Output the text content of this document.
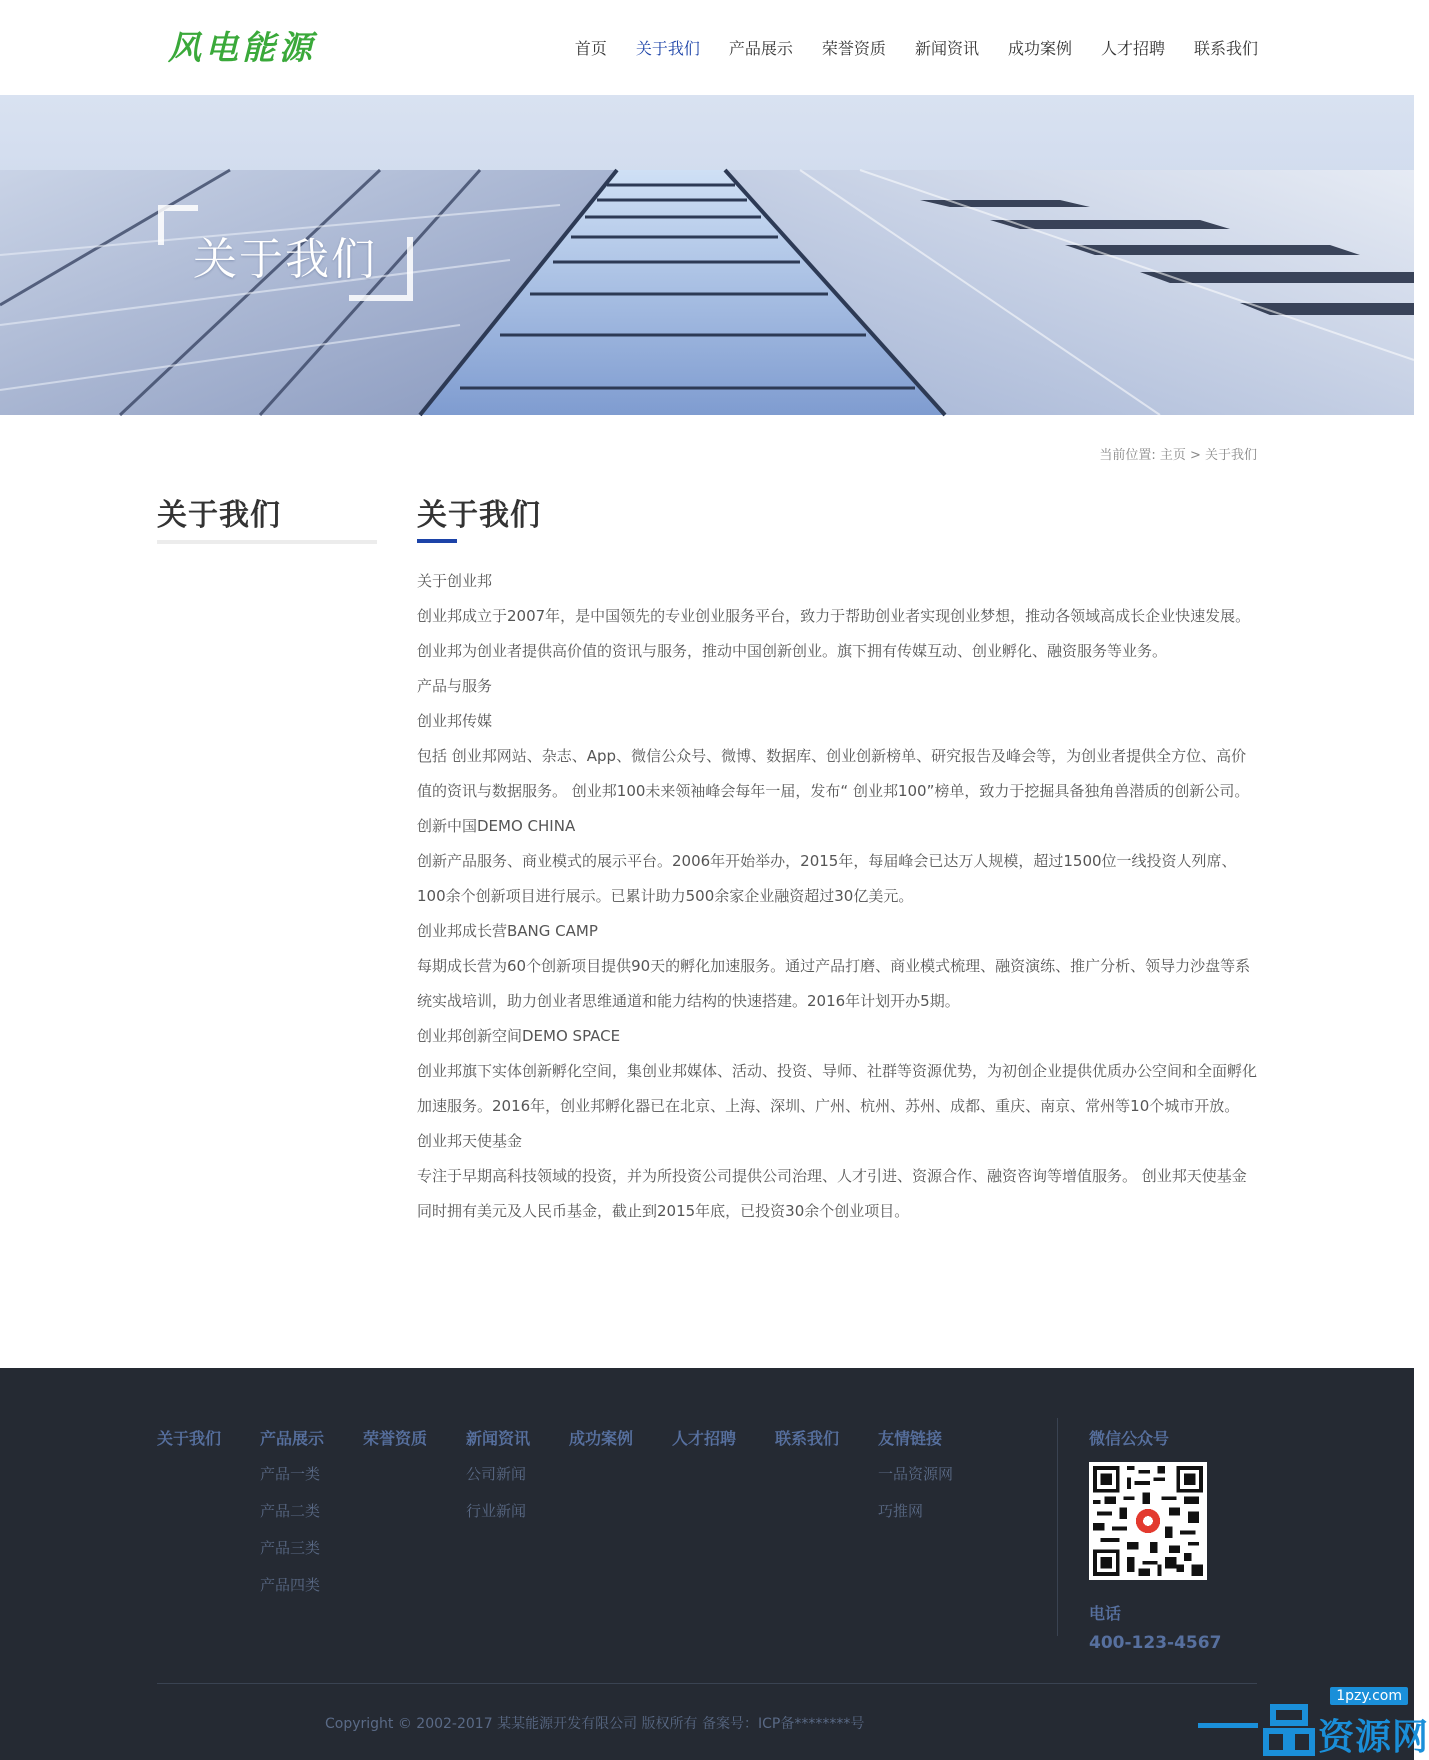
风电能源	首页 关于我们 产品展示 荣誉资质 新闻资讯 成功案例 人才招聘 联系我们
关于我们
当前位置: 主页 > 关于我们
关于我们	关于我们

关于创业邦

创业邦成立于2007年，是中国领先的专业创业服务平台，致力于帮助创业者实现创业梦想，推动各领域高成长企业快速发展。

创业邦为创业者提供高价值的资讯与服务，推动中国创新创业。旗下拥有传媒互动、创业孵化、融资服务等业务。

产品与服务

创业邦传媒

包括 创业邦网站、杂志、App、微信公众号、微博、数据库、创业创新榜单、研究报告及峰会等，为创业者提供全方位、高价值的资讯与数据服务。 创业邦100未来领袖峰会每年一届，发布“ 创业邦100”榜单，致力于挖掘具备独角兽潜质的创新公司。

创新中国DEMO CHINA

创新产品服务、商业模式的展示平台。2006年开始举办，2015年，每届峰会已达万人规模，超过1500位一线投资人列席、100余个创新项目进行展示。已累计助力500余家企业融资超过30亿美元。

创业邦成长营BANG CAMP

每期成长营为60个创新项目提供90天的孵化加速服务。通过产品打磨、商业模式梳理、融资演练、推广分析、领导力沙盘等系统实战培训，助力创业者思维通道和能力结构的快速搭建。2016年计划开办5期。

创业邦创新空间DEMO SPACE

创业邦旗下实体创新孵化空间，集创业邦媒体、活动、投资、导师、社群等资源优势，为初创企业提供优质办公空间和全面孵化加速服务。2016年，创业邦孵化器已在北京、上海、深圳、广州、杭州、苏州、成都、重庆、南京、常州等10个城市开放。

创业邦天使基金

专注于早期高科技领域的投资，并为所投资公司提供公司治理、人才引进、资源合作、融资咨询等增值服务。 创业邦天使基金同时拥有美元及人民币基金，截止到2015年底，已投资30余个创业项目。

关于我们 产品展示
产品一类
产品二类
产品三类
产品四类
荣誉资质 新闻资讯
公司新闻
行业新闻
成功案例 人才招聘 联系我们 友情链接
一品资源网
巧推网
微信公众号
电话
400-123-4567
Copyright © 2002-2017 某某能源开发有限公司 版权所有 备案号：ICP备********号
1pzy.com
资源网
